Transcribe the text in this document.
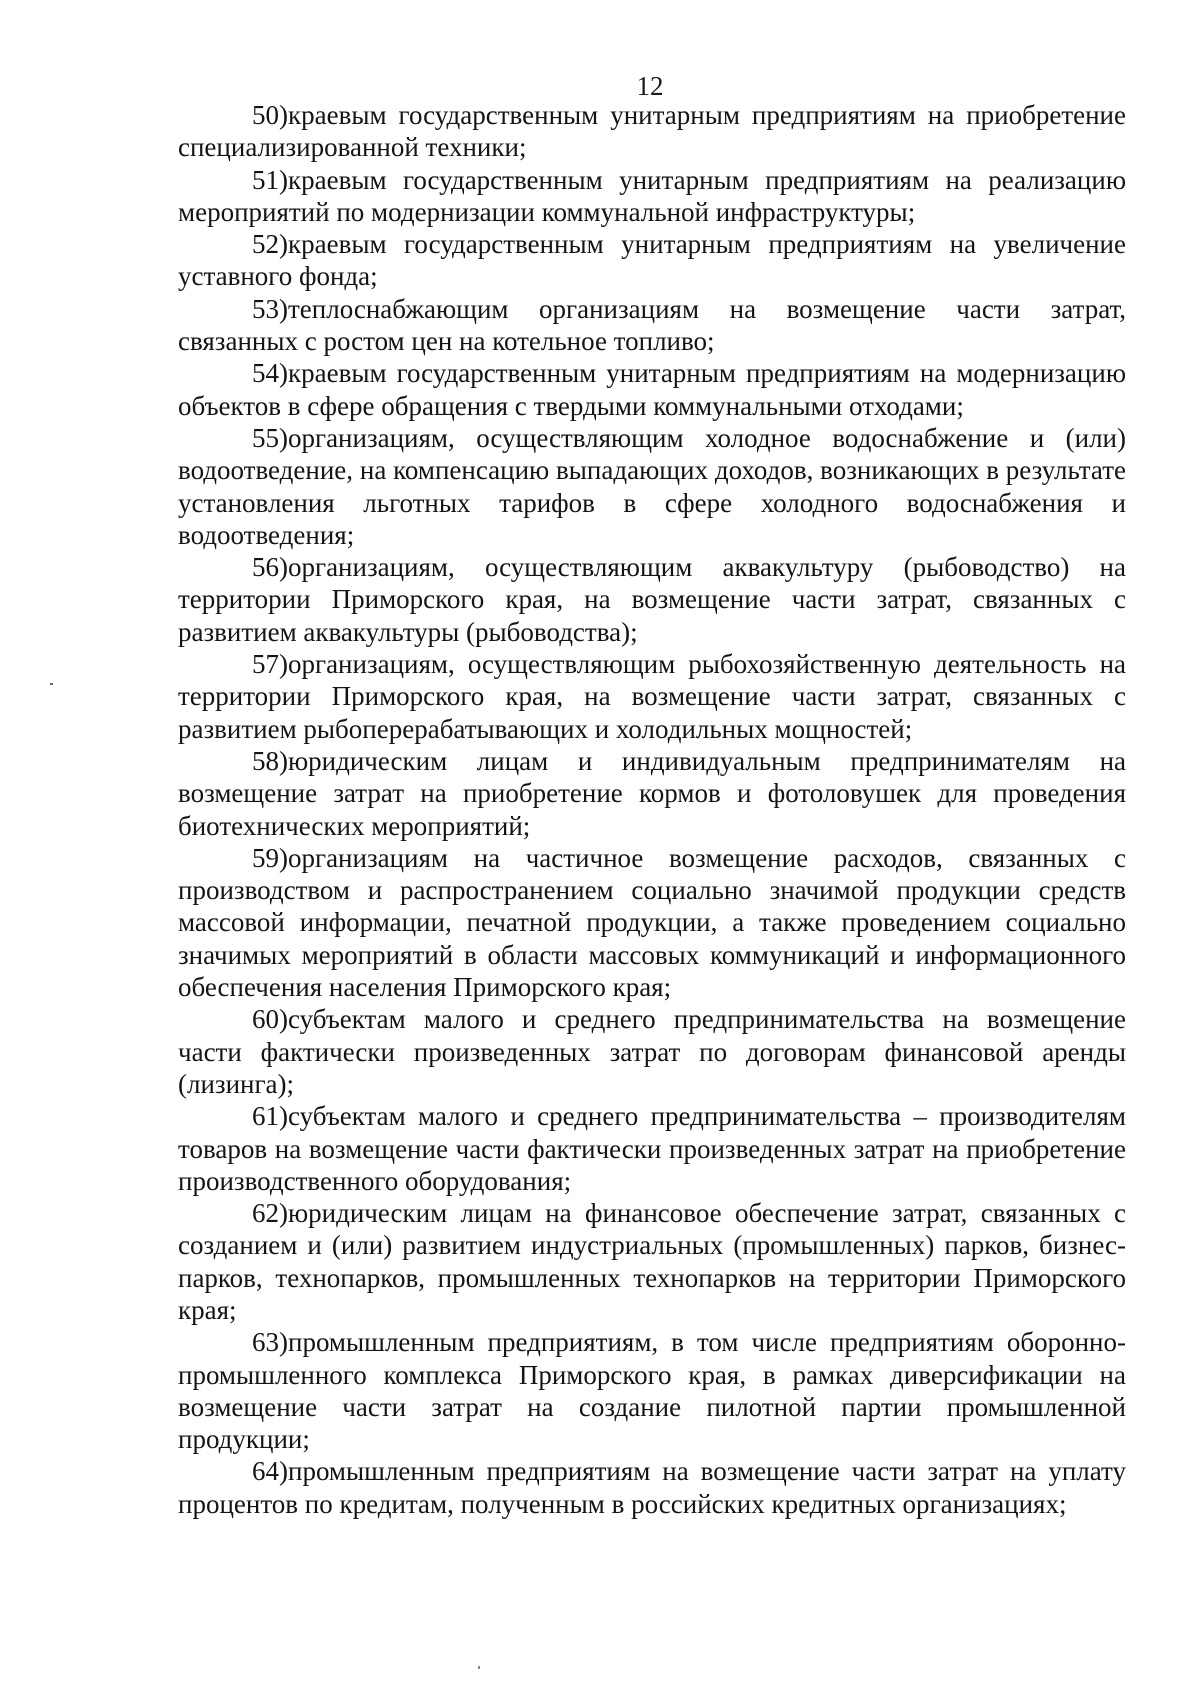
12

50)краевым государственным унитарным предприятиям на приобретение специализированной техники;

51)краевым государственным унитарным предприятиям на реализацию мероприятий по модернизации коммунальной инфраструктуры;

52)краевым государственным унитарным предприятиям на увеличение уставного фонда;

53)теплоснабжающим организациям на возмещение части затрат, связанных с ростом цен на котельное топливо;

54)краевым государственным унитарным предприятиям на модернизацию объектов в сфере обращения с твердыми коммунальными отходами;

55)организациям, осуществляющим холодное водоснабжение и (или) водоотведение, на компенсацию выпадающих доходов, возникающих в результате установления льготных тарифов в сфере холодного водоснабжения и водоотведения;

56)организациям, осуществляющим аквакультуру (рыбоводство) на территории Приморского края, на возмещение части затрат, связанных с развитием аквакультуры (рыбоводства);

57)организациям, осуществляющим рыбохозяйственную деятельность на территории Приморского края, на возмещение части затрат, связанных с развитием рыбоперерабатывающих и холодильных мощностей;

58)юридическим лицам и индивидуальным предпринимателям на возмещение затрат на приобретение кормов и фотоловушек для проведения биотехнических мероприятий;

59)организациям на частичное возмещение расходов, связанных с производством и распространением социально значимой продукции средств массовой информации, печатной продукции, а также проведением социально значимых мероприятий в области массовых коммуникаций и информационного обеспечения населения Приморского края;

60)субъектам малого и среднего предпринимательства на возмещение части фактически произведенных затрат по договорам финансовой аренды (лизинга);

61)субъектам малого и среднего предпринимательства – производителям товаров на возмещение части фактически произведенных затрат на приобретение производственного оборудования;

62)юридическим лицам на финансовое обеспечение затрат, связанных с созданием и (или) развитием индустриальных (промышленных) парков, бизнес-парков, технопарков, промышленных технопарков на территории Приморского края;

63)промышленным предприятиям, в том числе предприятиям оборонно-промышленного комплекса Приморского края, в рамках диверсификации на возмещение части затрат на создание пилотной партии промышленной продукции;

64)промышленным предприятиям на возмещение части затрат на уплату процентов по кредитам, полученным в российских кредитных организациях;
